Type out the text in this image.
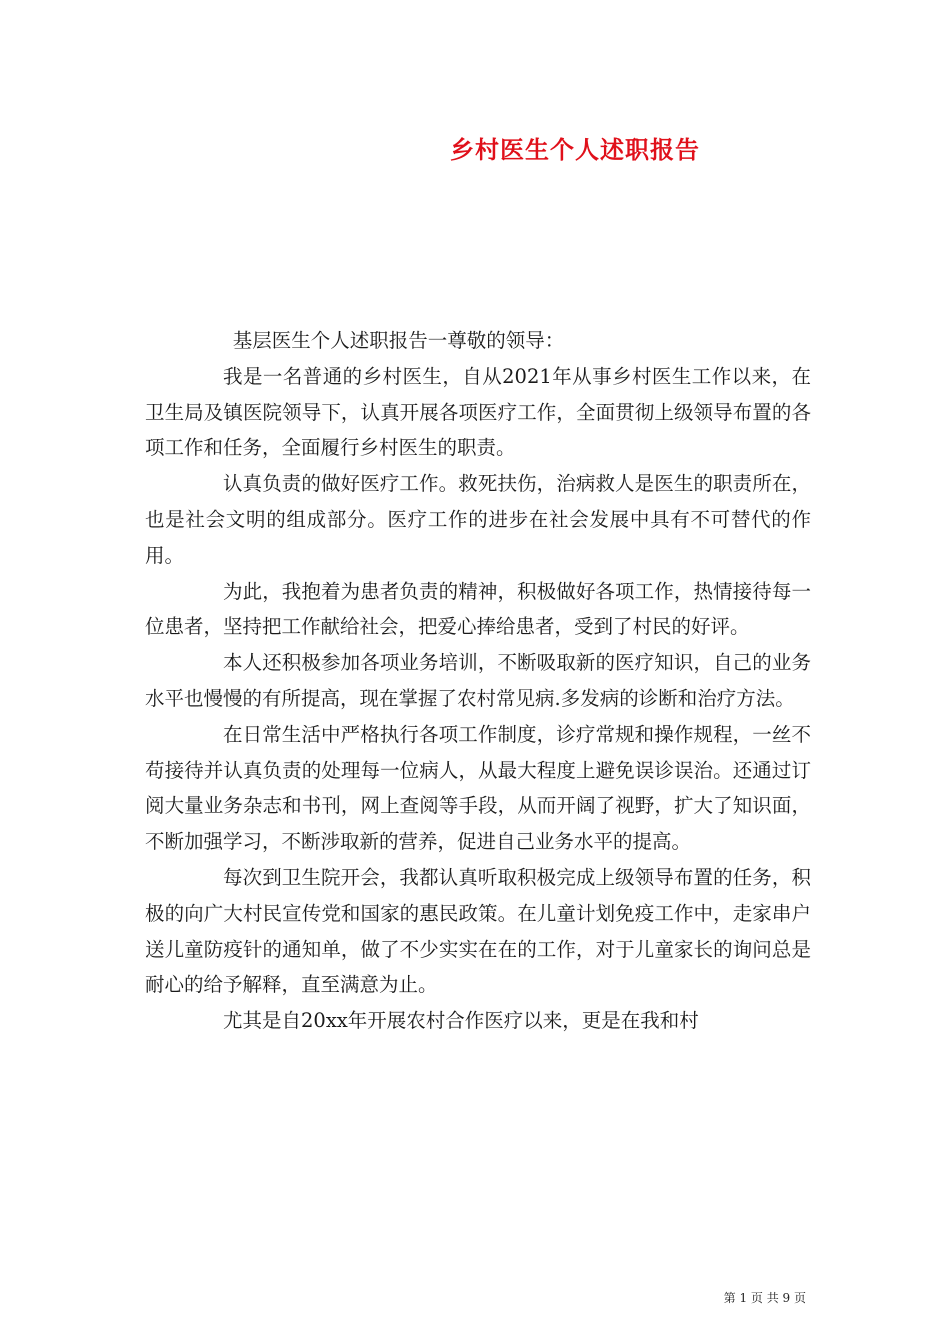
乡村医生个人述职报告

基层医生个人述职报告一尊敬的领导：

我是一名普通的乡村医生，自从2021年从事乡村医生工作以来，在卫生局及镇医院领导下，认真开展各项医疗工作，全面贯彻上级领导布置的各项工作和任务，全面履行乡村医生的职责。

认真负责的做好医疗工作。救死扶伤，治病救人是医生的职责所在，也是社会文明的组成部分。医疗工作的进步在社会发展中具有不可替代的作用。

为此，我抱着为患者负责的精神，积极做好各项工作，热情接待每一位患者，坚持把工作献给社会，把爱心捧给患者，受到了村民的好评。

本人还积极参加各项业务培训，不断吸取新的医疗知识，自己的业务水平也慢慢的有所提高，现在掌握了农村常见病.多发病的诊断和治疗方法。

在日常生活中严格执行各项工作制度，诊疗常规和操作规程，一丝不苟接待并认真负责的处理每一位病人，从最大程度上避免误诊误治。还通过订阅大量业务杂志和书刊，网上查阅等手段，从而开阔了视野，扩大了知识面，不断加强学习，不断涉取新的营养，促进自己业务水平的提高。

每次到卫生院开会，我都认真听取积极完成上级领导布置的任务，积极的向广大村民宣传党和国家的惠民政策。在儿童计划免疫工作中，走家串户送儿童防疫针的通知单，做了不少实实在在的工作，对于儿童家长的询问总是耐心的给予解释，直至满意为止。

尤其是自20xx年开展农村合作医疗以来，更是在我和村

第 1 页 共 9 页
